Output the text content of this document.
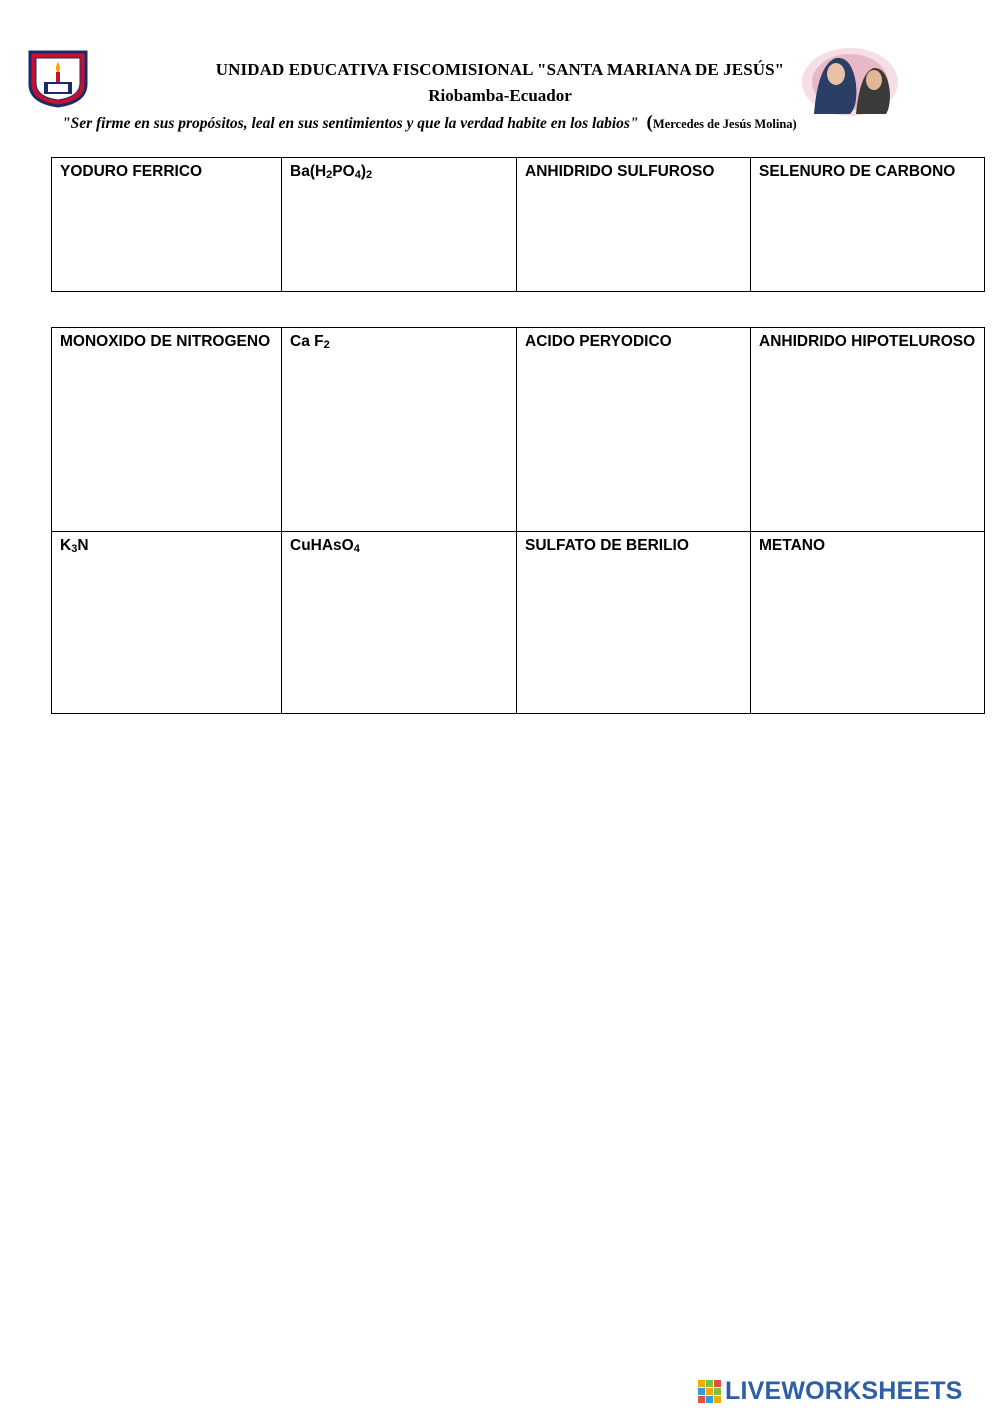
UNIDAD EDUCATIVA FISCOMISIONAL "SANTA MARIANA DE JESÚS"
Riobamba-Ecuador
"Ser firme en sus propósitos, leal en sus sentimientos y que la verdad habite en los labios" (Mercedes de Jesús Molina)
YODURO FERRICO	$Ba(H_2PO_4)_2$	ANHIDRIDO SULFUROSO	SELENURO DE CARBONO
MONOXIDO DE NITROGENO	Ca $F_2$	ACIDO PERYODICO	ANHIDRIDO HIPOTELUROSO
$K_3N$	CuHAsO$_4$	SULFATO DE BERILIO	METANO
LIVEWORKSHEETS
